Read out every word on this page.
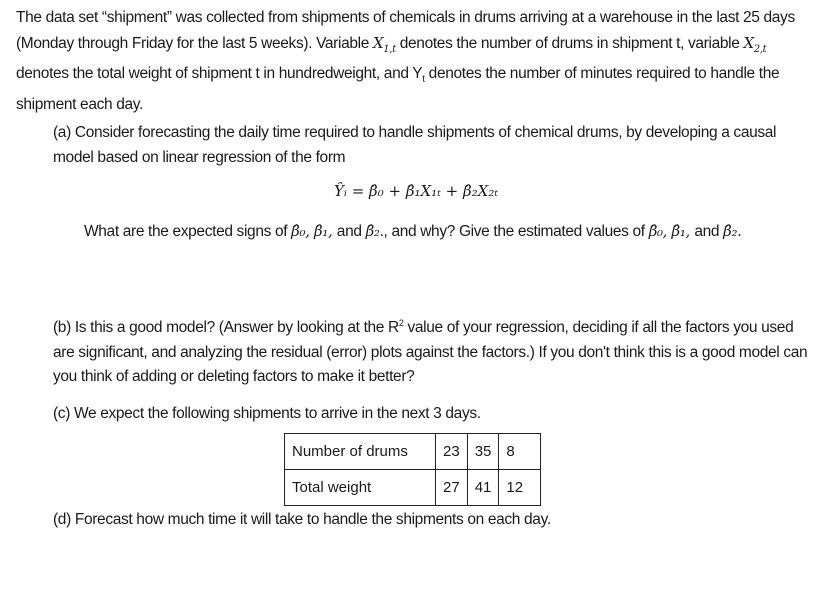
The data set “shipment” was collected from shipments of chemicals in drums arriving at a warehouse in the last 25 days (Monday through Friday for the last 5 weeks). Variable $X_{1,t}$ denotes the number of drums in shipment t, variable $X_{2,t}$ denotes the total weight of shipment t in hundredweight, and $Y_t$ denotes the number of minutes required to handle the shipment each day.
(a) Consider forecasting the daily time required to handle shipments of chemical drums, by developing a causal model based on linear regression of the form
Ŷᵢ = β̂₀ + β̂₁X₁ₜ + β̂₂X₂ₜ
What are the expected signs of β̂₀, β̂₁, and β̂₂., and why? Give the estimated values of β̂₀, β̂₁, and β̂₂.
(b) Is this a good model? (Answer by looking at the $R^2$ value of your regression, deciding if all the factors you used are significant, and analyzing the residual (error) plots against the factors.) If you don't think this is a good model can you think of adding or deleting factors to make it better?
(c) We expect the following shipments to arrive in the next 3 days.
Number of drums	23	35	8
Total weight	27	41	12
(d) Forecast how much time it will take to handle the shipments on each day.
